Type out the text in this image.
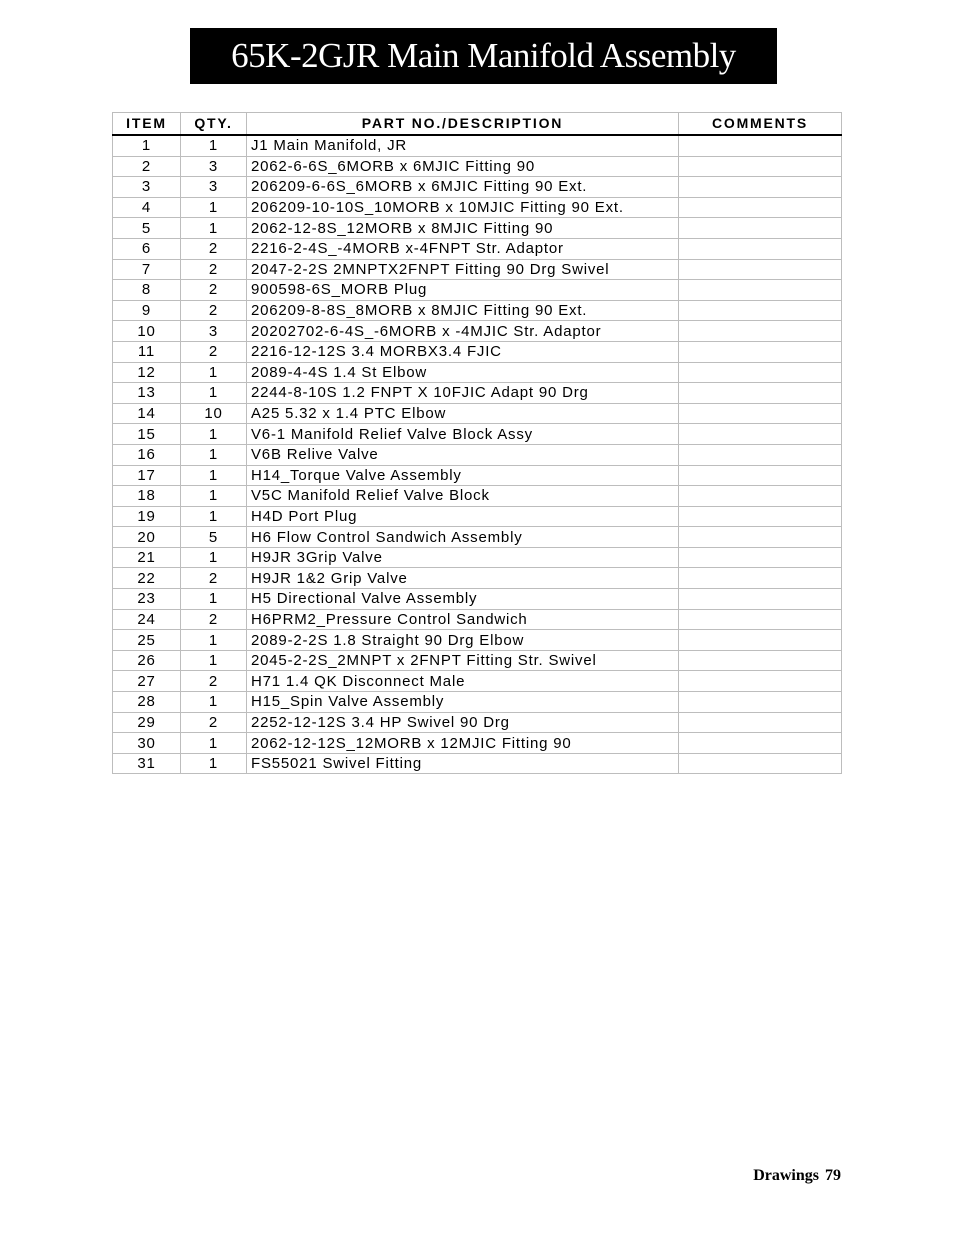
65K-2GJR Main Manifold Assembly
ITEM	QTY.	PART NO./DESCRIPTION	COMMENTS
1	1	J1 Main Manifold, JR	
2	3	2062-6-6S_6MORB x 6MJIC Fitting 90	
3	3	206209-6-6S_6MORB x 6MJIC Fitting 90 Ext.	
4	1	206209-10-10S_10MORB x 10MJIC Fitting 90 Ext.	
5	1	2062-12-8S_12MORB x 8MJIC Fitting 90	
6	2	2216-2-4S_-4MORB x-4FNPT Str. Adaptor	
7	2	2047-2-2S 2MNPTX2FNPT Fitting 90 Drg Swivel	
8	2	900598-6S_MORB Plug	
9	2	206209-8-8S_8MORB x 8MJIC Fitting 90 Ext.	
10	3	20202702-6-4S_-6MORB x -4MJIC Str. Adaptor	
11	2	2216-12-12S 3.4 MORBX3.4 FJIC	
12	1	2089-4-4S 1.4 St Elbow	
13	1	2244-8-10S 1.2 FNPT X 10FJIC Adapt 90 Drg	
14	10	A25 5.32 x 1.4 PTC Elbow	
15	1	V6-1 Manifold Relief Valve Block Assy	
16	1	V6B Relive Valve	
17	1	H14_Torque Valve Assembly	
18	1	V5C Manifold Relief Valve Block	
19	1	H4D Port Plug	
20	5	H6 Flow Control Sandwich Assembly	
21	1	H9JR 3Grip Valve	
22	2	H9JR 1&2 Grip Valve	
23	1	H5 Directional Valve Assembly	
24	2	H6PRM2_Pressure Control Sandwich	
25	1	2089-2-2S 1.8 Straight 90 Drg Elbow	
26	1	2045-2-2S_2MNPT x 2FNPT Fitting Str. Swivel	
27	2	H71 1.4 QK Disconnect Male	
28	1	H15_Spin Valve Assembly	
29	2	2252-12-12S 3.4 HP Swivel 90 Drg	
30	1	2062-12-12S_12MORB x 12MJIC Fitting 90	
31	1	FS55021 Swivel Fitting	
Drawings 79
